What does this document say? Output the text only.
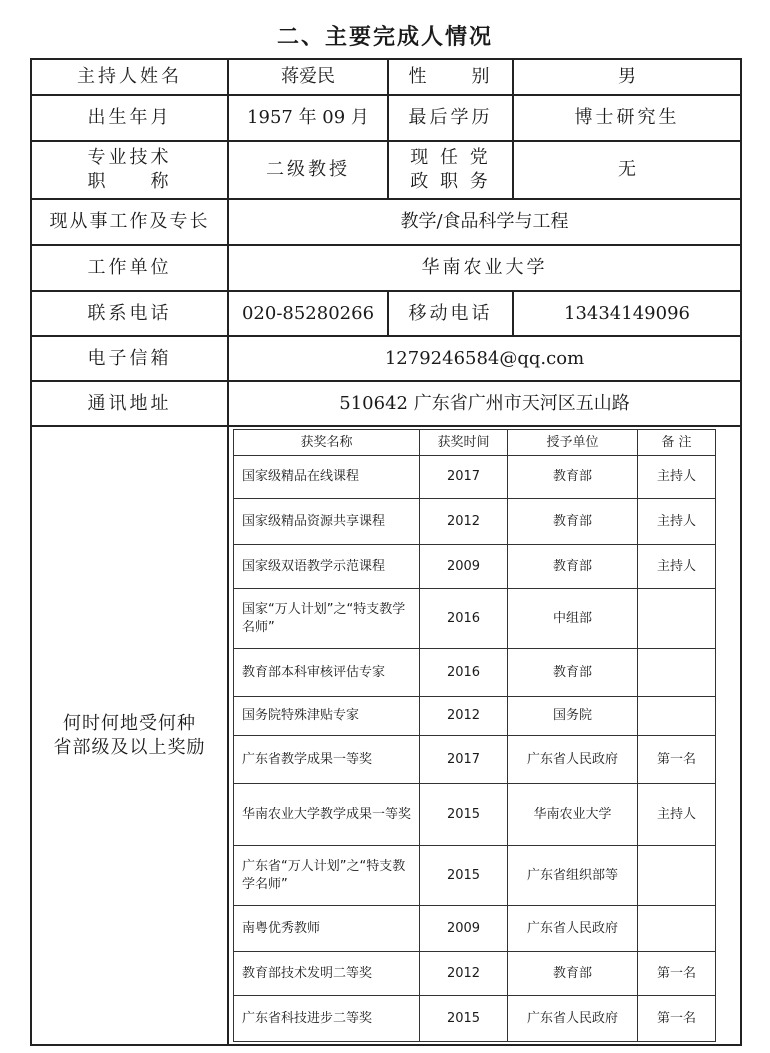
二、主要完成人情况
主持人姓名	蒋爱民	性　　别	男
出生年月	1957 年 09 月	最后学历	博士研究生

专业技术
职　　称
	二级教授	
现 任 党
政 职 务
	无
现从事工作及专长	教学/食品科学与工程
工作单位	华南农业大学
联系电话	020-85280266	移动电话	13434149096
电子信箱	1279246584@qq.com
通讯地址	510642 广东省广州市天河区五山路

何时何地受何种
省部级及以上奖励

获奖名称	获奖时间	授予单位	备 注
国家级精品在线课程	2017	教育部	主持人
国家级精品资源共享课程	2012	教育部	主持人
国家级双语教学示范课程	2009	教育部	主持人
国家“万人计划”之“特支教学名师”	2016	中组部	
教育部本科审核评估专家	2016	教育部	
国务院特殊津贴专家	2012	国务院	
广东省教学成果一等奖	2017	广东省人民政府	第一名
华南农业大学教学成果一等奖	2015	华南农业大学	主持人
广东省“万人计划”之“特支教学名师”	2015	广东省组织部等	
南粤优秀教师	2009	广东省人民政府	
教育部技术发明二等奖	2012	教育部	第一名
广东省科技进步二等奖	2015	广东省人民政府	第一名
